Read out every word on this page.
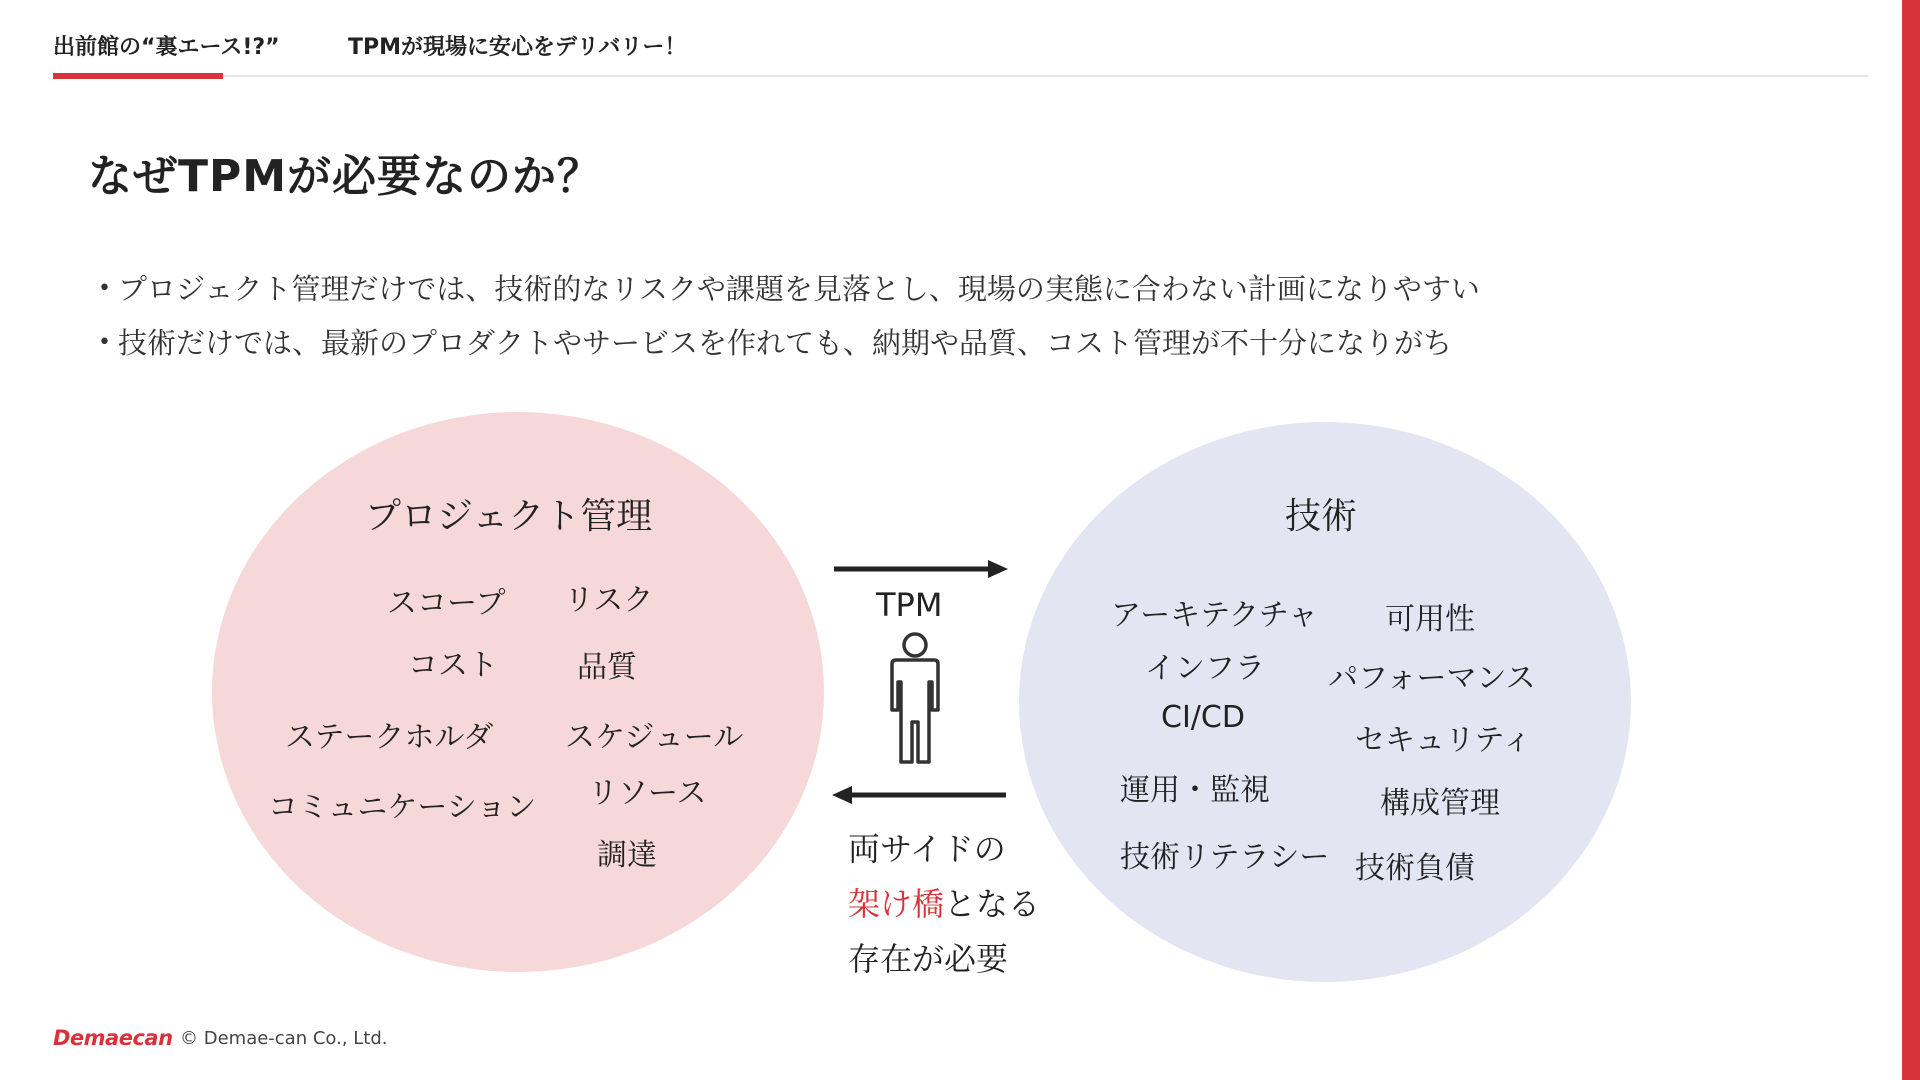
出前館の“裏エース!?”	TPMが現場に安心をデリバリー！
なぜTPMが必要なのか？
• プロジェクト管理だけでは、技術的なリスクや課題を見落とし、現場の実態に合わない計画になりやすい
• 技術だけでは、最新のプロダクトやサービスを作れても、納期や品質、コスト管理が不十分になりがち
プロジェクト管理
スコープ リスク
コスト	品質
ステークホルダ スケジュール
コミュニケーション リソース
調達
技術
アーキテクチャ 可用性
インフラ パフォーマンス
CI/CD
セキュリティ
運用・監視	構成管理
技術リテラシー 技術負債
TPM
両サイドの
架け橋となる
存在が必要
Demaecan © Demae-can Co., Ltd.
